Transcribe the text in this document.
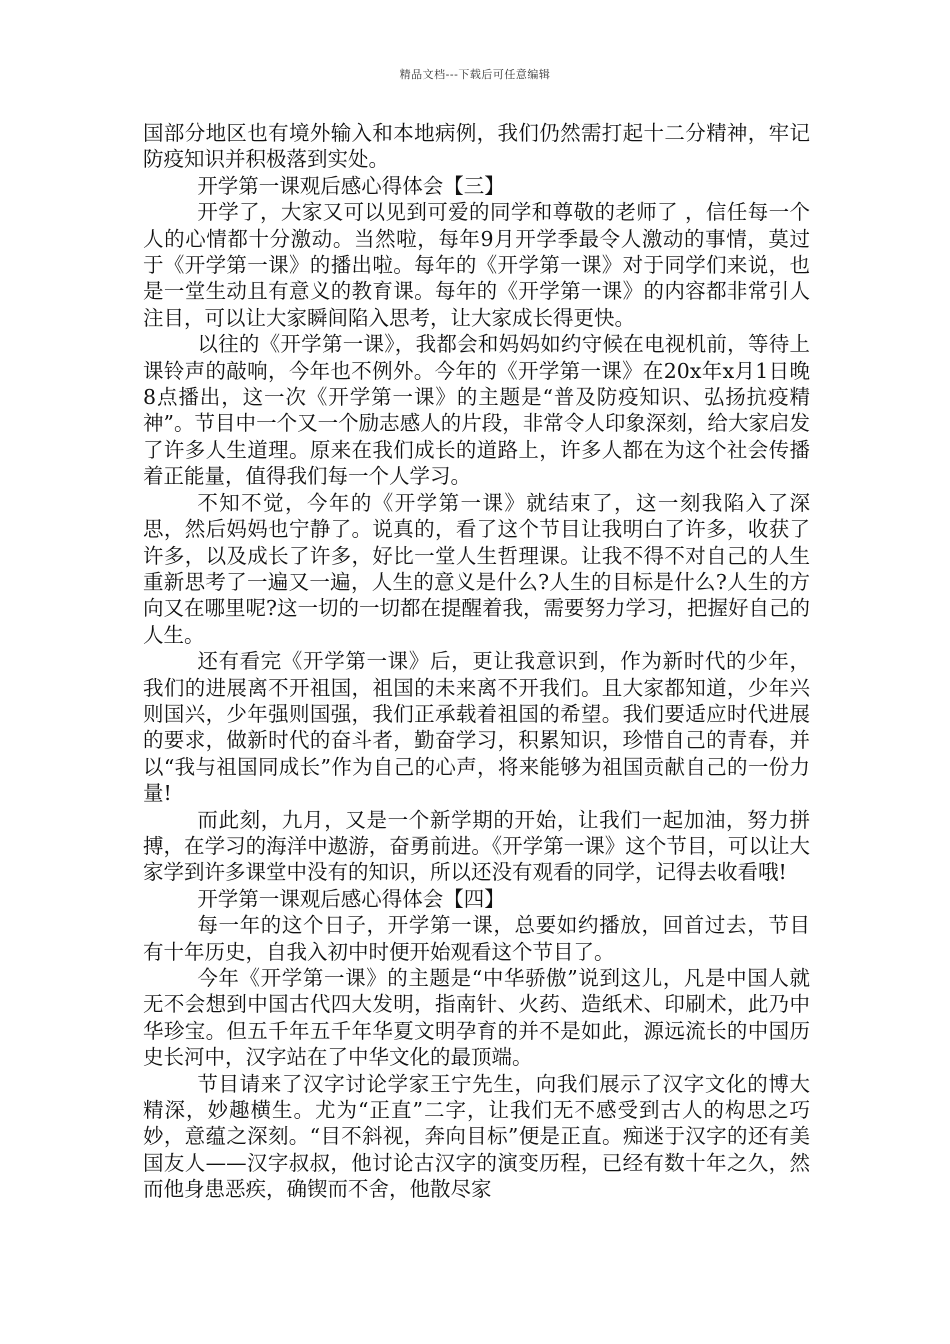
精品文档---下载后可任意编辑

国部分地区也有境外输入和本地病例，我们仍然需打起十二分精神，牢记防疫知识并积极落到实处。

开学第一课观后感心得体会【三】

开学了，大家又可以见到可爱的同学和尊敬的老师了 ，信任每一个人的心情都十分激动。当然啦，每年9月开学季最令人激动的事情，莫过于《开学第一课》的播出啦。每年的《开学第一课》对于同学们来说，也是一堂生动且有意义的教育课。每年的《开学第一课》的内容都非常引人注目，可以让大家瞬间陷入思考，让大家成长得更快。

以往的《开学第一课》，我都会和妈妈如约守候在电视机前，等待上课铃声的敲响，今年也不例外。今年的《开学第一课》在20x年x月1日晚8点播出，这一次《开学第一课》的主题是“普及防疫知识、弘扬抗疫精神”。节目中一个又一个励志感人的片段，非常令人印象深刻，给大家启发了许多人生道理。原来在我们成长的道路上，许多人都在为这个社会传播着正能量，值得我们每一个人学习。

不知不觉，今年的《开学第一课》就结束了，这一刻我陷入了深思，然后妈妈也宁静了。说真的，看了这个节目让我明白了许多，收获了许多，以及成长了许多，好比一堂人生哲理课。让我不得不对自己的人生重新思考了一遍又一遍，人生的意义是什么?人生的目标是什么?人生的方向又在哪里呢?这一切的一切都在提醒着我，需要努力学习，把握好自己的人生。

还有看完《开学第一课》后，更让我意识到，作为新时代的少年，我们的进展离不开祖国，祖国的未来离不开我们。且大家都知道，少年兴则国兴，少年强则国强，我们正承载着祖国的希望。我们要适应时代进展的要求，做新时代的奋斗者，勤奋学习，积累知识，珍惜自己的青春，并以“我与祖国同成长”作为自己的心声，将来能够为祖国贡献自己的一份力量!

而此刻，九月，又是一个新学期的开始，让我们一起加油，努力拼搏，在学习的海洋中遨游，奋勇前进。《开学第一课》这个节目，可以让大家学到许多课堂中没有的知识，所以还没有观看的同学，记得去收看哦!

开学第一课观后感心得体会【四】

每一年的这个日子，开学第一课，总要如约播放，回首过去，节目有十年历史，自我入初中时便开始观看这个节目了。

今年《开学第一课》的主题是“中华骄傲”说到这儿，凡是中国人就无不会想到中国古代四大发明，指南针、火药、造纸术、印刷术，此乃中华珍宝。但五千年五千年华夏文明孕育的并不是如此，源远流长的中国历史长河中，汉字站在了中华文化的最顶端。

节目请来了汉字讨论学家王宁先生，向我们展示了汉字文化的博大精深，妙趣横生。尤为“正直”二字，让我们无不感受到古人的构思之巧妙，意蕴之深刻。“目不斜视，奔向目标”便是正直。痴迷于汉字的还有美国友人——汉字叔叔，他讨论古汉字的演变历程，已经有数十年之久，然而他身患恶疾，确锲而不舍，他散尽家
